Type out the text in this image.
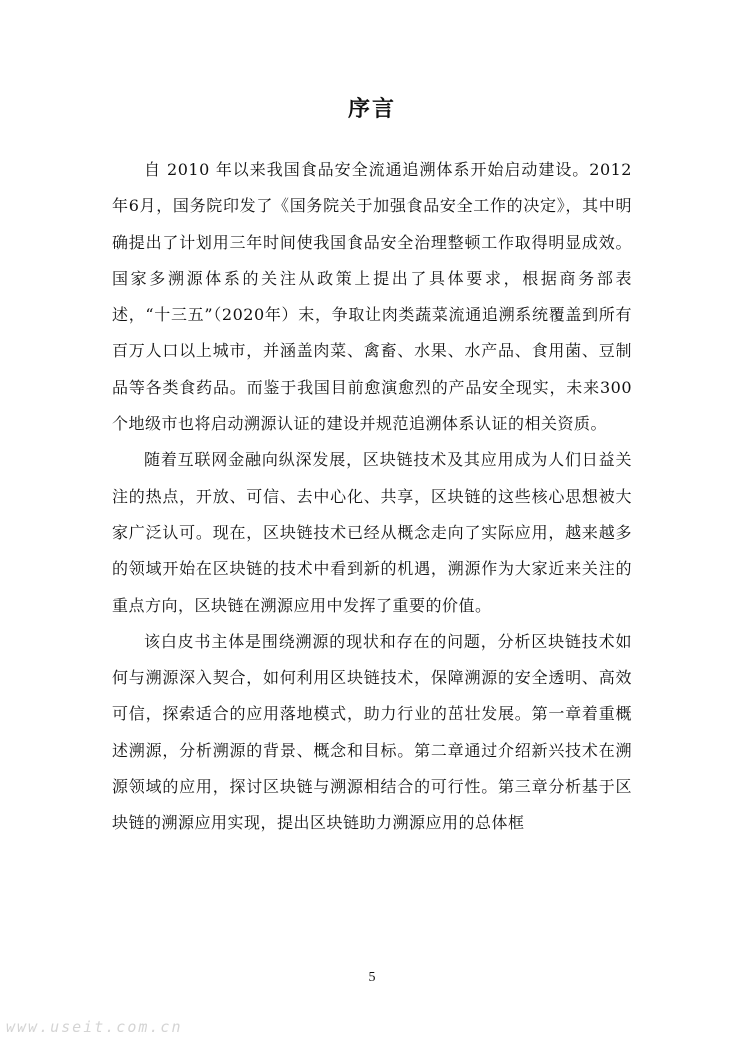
序言

自 2010 年以来我国食品安全流通追溯体系开始启动建设。2012年6月，国务院印发了《国务院关于加强食品安全工作的决定》，其中明确提出了计划用三年时间使我国食品安全治理整顿工作取得明显成效。国家多溯源体系的关注从政策上提出了具体要求，根据商务部表述，“十三五”（2020年）末，争取让肉类蔬菜流通追溯系统覆盖到所有百万人口以上城市，并涵盖肉菜、禽畜、水果、水产品、食用菌、豆制品等各类食药品。而鉴于我国目前愈演愈烈的产品安全现实，未来300个地级市也将启动溯源认证的建设并规范追溯体系认证的相关资质。

随着互联网金融向纵深发展，区块链技术及其应用成为人们日益关注的热点，开放、可信、去中心化、共享，区块链的这些核心思想被大家广泛认可。现在，区块链技术已经从概念走向了实际应用，越来越多的领域开始在区块链的技术中看到新的机遇，溯源作为大家近来关注的重点方向，区块链在溯源应用中发挥了重要的价值。

该白皮书主体是围绕溯源的现状和存在的问题，分析区块链技术如何与溯源深入契合，如何利用区块链技术，保障溯源的安全透明、高效可信，探索适合的应用落地模式，助力行业的茁壮发展。第一章着重概述溯源，分析溯源的背景、概念和目标。第二章通过介绍新兴技术在溯源领域的应用，探讨区块链与溯源相结合的可行性。第三章分析基于区块链的溯源应用实现，提出区块链助力溯源应用的总体框

5
www.useit.com.cn
